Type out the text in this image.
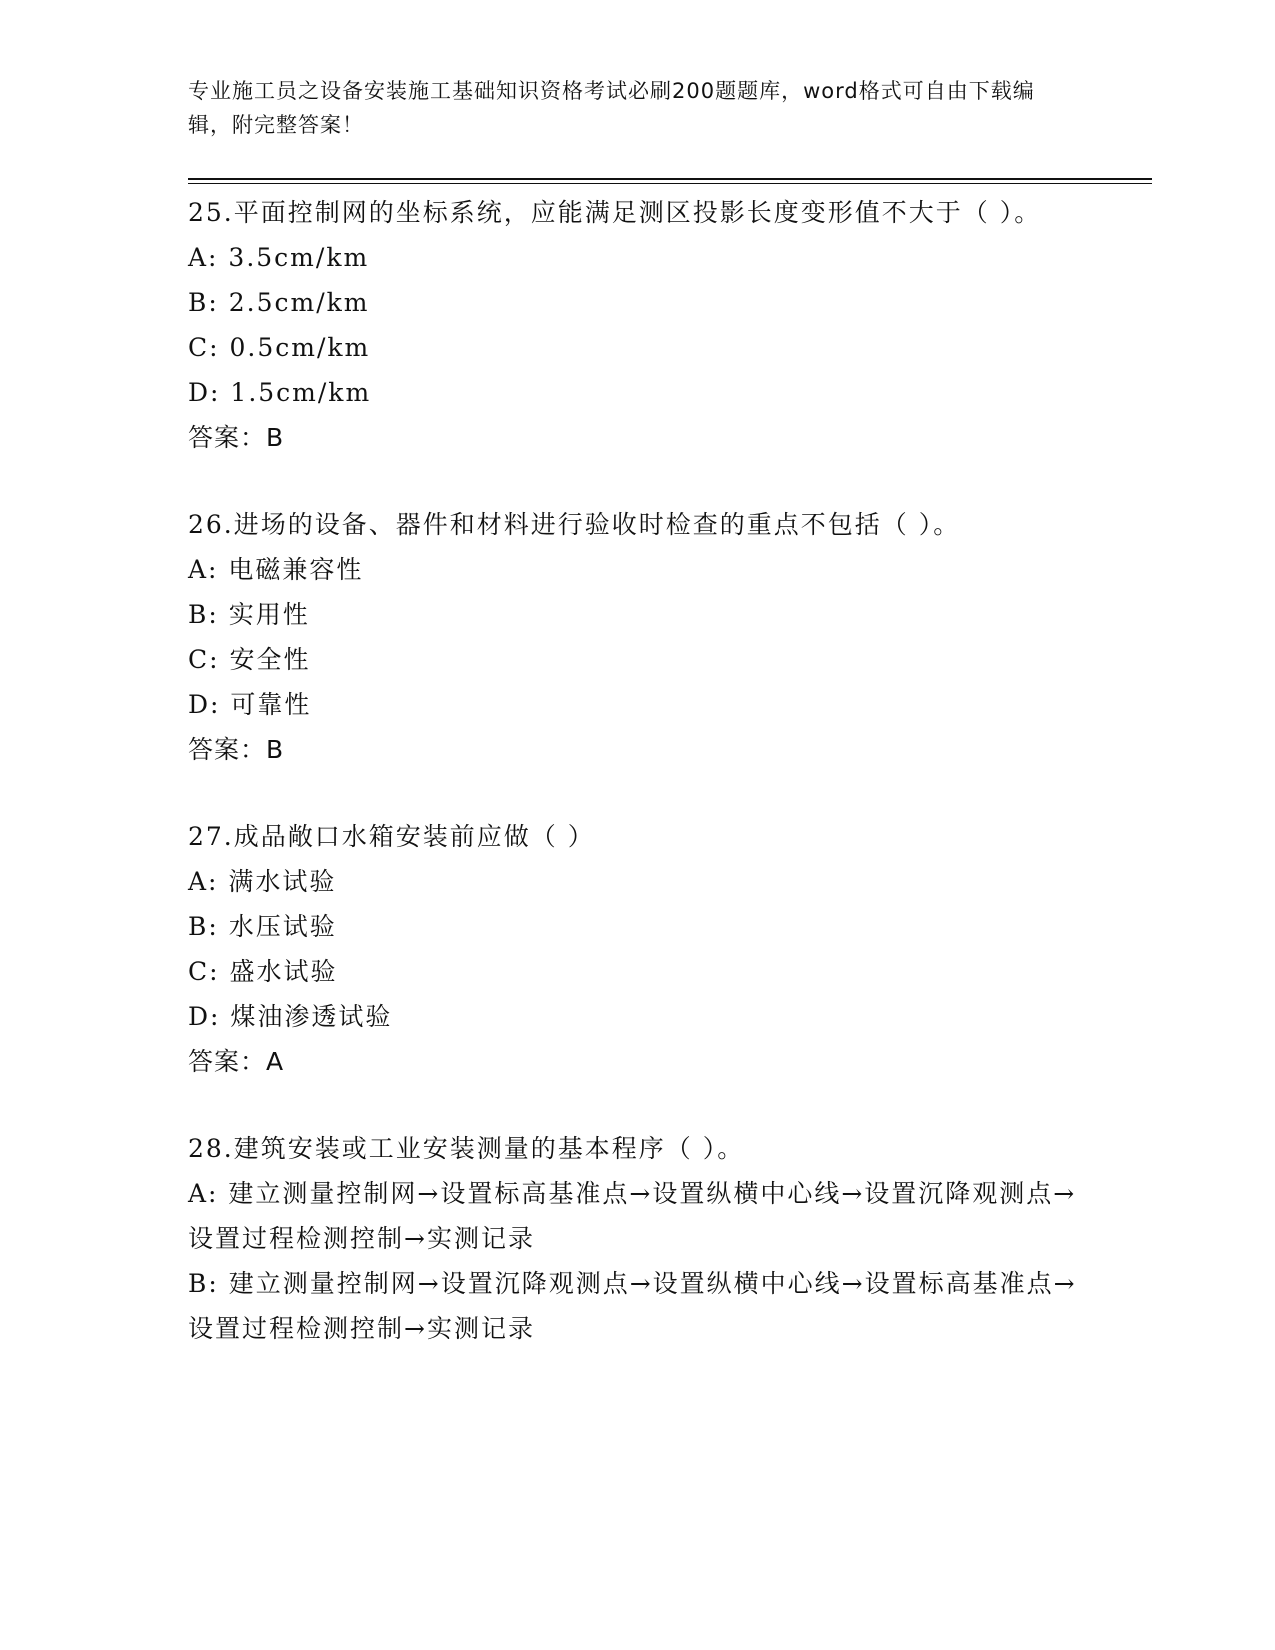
专业施工员之设备安装施工基础知识资格考试必刷200题题库，word格式可自由下载编辑，附完整答案！
25.平面控制网的坐标系统，应能满足测区投影长度变形值不大于（ ）。
A: 3.5cm/km
B: 2.5cm/km
C: 0.5cm/km
D: 1.5cm/km
答案：B
26.进场的设备、器件和材料进行验收时检查的重点不包括（ ）。
A: 电磁兼容性
B: 实用性
C: 安全性
D: 可靠性
答案：B
27.成品敞口水箱安装前应做（ ）
A: 满水试验
B: 水压试验
C: 盛水试验
D: 煤油渗透试验
答案：A
28.建筑安装或工业安装测量的基本程序（ ）。
A: 建立测量控制网→设置标高基准点→设置纵横中心线→设置沉降观测点→设置过程检测控制→实测记录
B: 建立测量控制网→设置沉降观测点→设置纵横中心线→设置标高基准点→设置过程检测控制→实测记录
